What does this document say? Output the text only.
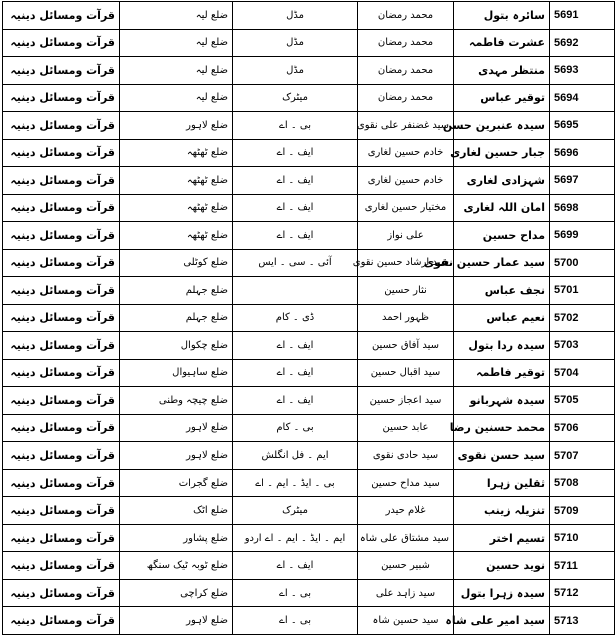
قرآت ومسائل دینیہ	ضلع لیہ	مڈل	محمد رمضان	سائرہ بتول	5691
قرآت ومسائل دینیہ	ضلع لیہ	مڈل	محمد رمضان	عشرت فاطمہ	5692
قرآت ومسائل دینیہ	ضلع لیہ	مڈل	محمد رمضان	منتظر مہدی	5693
قرآت ومسائل دینیہ	ضلع لیہ	میٹرک	محمد رمضان	توقیر عباس	5694
قرآت ومسائل دینیہ	ضلع لاہور	بی ۔ اے	سید غضنفر علی نقوی	سیدہ عنبرین حسن	5695
قرآت ومسائل دینیہ	ضلع ٹھٹھہ	ایف ۔ اے	خادم حسین لغاری	جبار حسین لغاری	5696
قرآت ومسائل دینیہ	ضلع ٹھٹھہ	ایف ۔ اے	خادم حسین لغاری	شہزادی لغاری	5697
قرآت ومسائل دینیہ	ضلع ٹھٹھہ	ایف ۔ اے	مختیار حسین لغاری	امان اللہ لغاری	5698
قرآت ومسائل دینیہ	ضلع ٹھٹھہ	ایف ۔ اے	علی نواز	مداح حسین	5699
قرآت ومسائل دینیہ	ضلع کوٹلی	آئی ۔ سی ۔ ایس	سید ارشاد حسین نقوی	سید عمار حسین نقوی	5700
قرآت ومسائل دینیہ	ضلع جہلم		نثار حسین	نجف عباس	5701
قرآت ومسائل دینیہ	ضلع جہلم	ڈی ۔ کام	ظہور احمد	نعیم عباس	5702
قرآت ومسائل دینیہ	ضلع چکوال	ایف ۔ اے	سید آفاق حسین	سیدہ ردا بتول	5703
قرآت ومسائل دینیہ	ضلع ساہیوال	ایف ۔ اے	سید اقبال حسین	توقیر فاطمہ	5704
قرآت ومسائل دینیہ	ضلع چیچہ وطنی	ایف ۔ اے	سید اعجاز حسین	سیدہ شہربانو	5705
قرآت ومسائل دینیہ	ضلع لاہور	بی ۔ کام	عابد حسین	محمد حسنین رضا	5706
قرآت ومسائل دینیہ	ضلع لاہور	ایم ۔ فل انگلش	سید حادی نقوی	سید حسن نقوی	5707
قرآت ومسائل دینیہ	ضلع گجرات	بی ۔ ایڈ ۔ ایم ۔ اے	سید مداح حسین	ثقلین زہرا	5708
قرآت ومسائل دینیہ	ضلع اٹک	میٹرک	غلام حیدر	تنزیلہ زینب	5709
قرآت ومسائل دینیہ	ضلع پشاور	ایم ۔ ایڈ ۔ ایم ۔ اے اردو	سید مشتاق علی شاہ	تسیم اختر	5710
قرآت ومسائل دینیہ	ضلع ٹوبہ ٹیک سنگھ	ایف ۔ اے	شبیر حسین	نوید حسین	5711
قرآت ومسائل دینیہ	ضلع کراچی	بی ۔ اے	سید زاہد علی	سیدہ زہرا بتول	5712
قرآت ومسائل دینیہ	ضلع لاہور	بی ۔ اے	سید حسین شاہ	سید امیر علی شاہ	5713
